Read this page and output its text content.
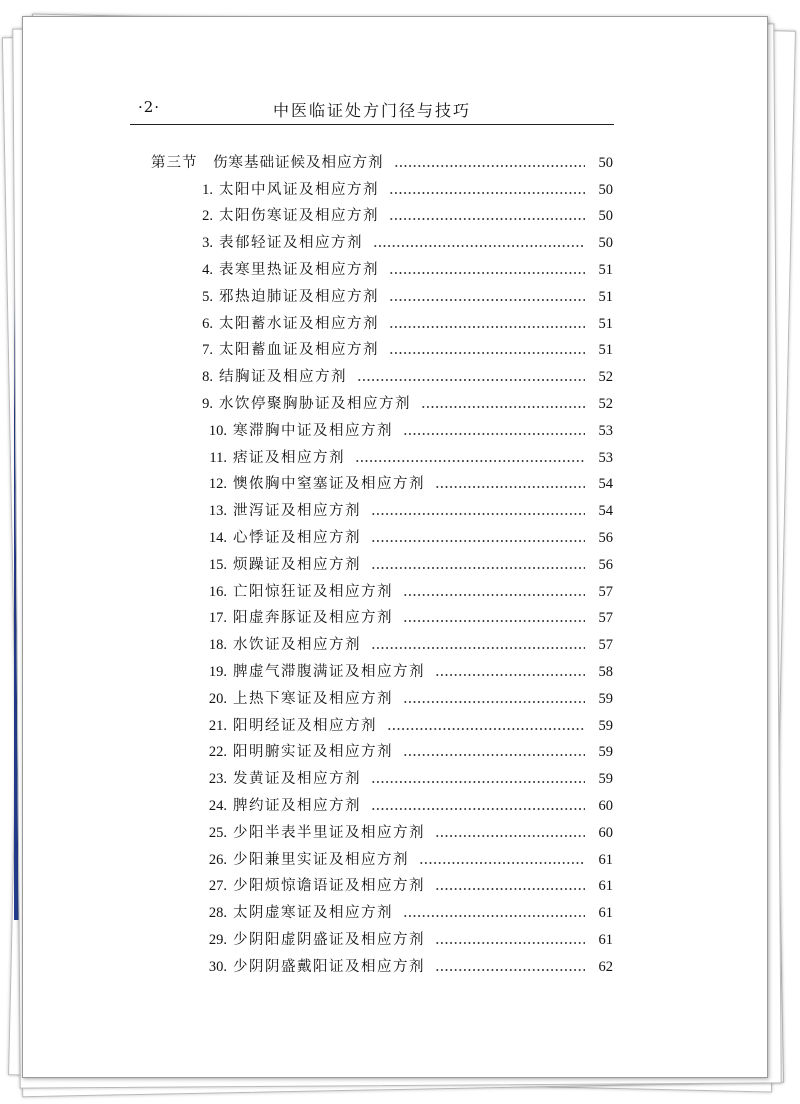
·2·	中医临证处方门径与技巧
第三节　伤寒基础证候及相应方剂	50
1. 太阳中风证及相应方剂	50
2. 太阳伤寒证及相应方剂	50
3. 表郁轻证及相应方剂	50
4. 表寒里热证及相应方剂	51
5. 邪热迫肺证及相应方剂	51
6. 太阳蓄水证及相应方剂	51
7. 太阳蓄血证及相应方剂	51
8. 结胸证及相应方剂	52
9. 水饮停聚胸胁证及相应方剂	52
10. 寒滞胸中证及相应方剂	53
11. 痞证及相应方剂	53
12. 懊侬胸中窒塞证及相应方剂	54
13. 泄泻证及相应方剂	54
14. 心悸证及相应方剂	56
15. 烦躁证及相应方剂	56
16. 亡阳惊狂证及相应方剂	57
17. 阳虚奔豚证及相应方剂	57
18. 水饮证及相应方剂	57
19. 脾虚气滞腹满证及相应方剂	58
20. 上热下寒证及相应方剂	59
21. 阳明经证及相应方剂	59
22. 阳明腑实证及相应方剂	59
23. 发黄证及相应方剂	59
24. 脾约证及相应方剂	60
25. 少阳半表半里证及相应方剂	60
26. 少阳兼里实证及相应方剂	61
27. 少阳烦惊谵语证及相应方剂	61
28. 太阴虚寒证及相应方剂	61
29. 少阴阳虚阴盛证及相应方剂	61
30. 少阴阴盛戴阳证及相应方剂	62
